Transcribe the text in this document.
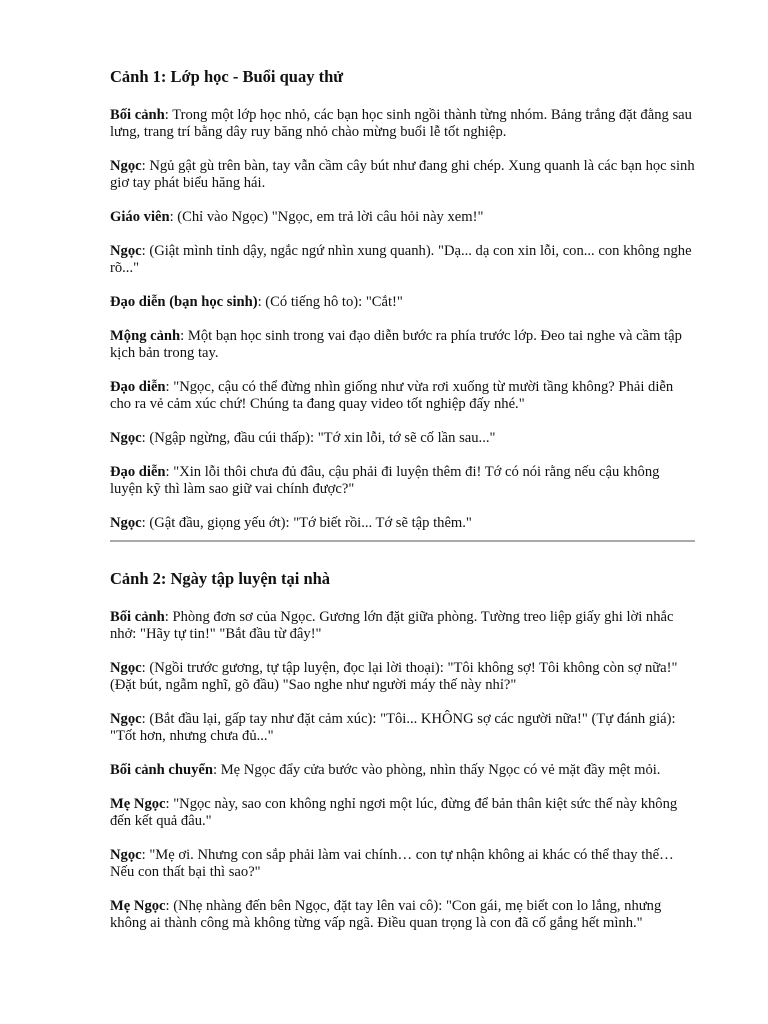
Cảnh 1: Lớp học - Buổi quay thử

Bối cảnh: Trong một lớp học nhỏ, các bạn học sinh ngồi thành từng nhóm. Bảng trắng đặt đằng sau lưng, trang trí bằng dây ruy băng nhỏ chào mừng buổi lễ tốt nghiệp.

Ngọc: Ngủ gật gù trên bàn, tay vẫn cầm cây bút như đang ghi chép. Xung quanh là các bạn học sinh giơ tay phát biểu hăng hái.

Giáo viên: (Chỉ vào Ngọc) "Ngọc, em trả lời câu hỏi này xem!"

Ngọc: (Giật mình tỉnh dậy, ngắc ngứ nhìn xung quanh). "Dạ... dạ con xin lỗi, con... con không nghe rõ..."

Đạo diễn (bạn học sinh): (Có tiếng hô to): "Cắt!"

Mộng cảnh: Một bạn học sinh trong vai đạo diễn bước ra phía trước lớp. Đeo tai nghe và cầm tập kịch bản trong tay.

Đạo diễn: "Ngọc, cậu có thể đừng nhìn giống như vừa rơi xuống từ mười tầng không? Phải diễn cho ra vẻ cảm xúc chứ! Chúng ta đang quay video tốt nghiệp đấy nhé."

Ngọc: (Ngập ngừng, đầu cúi thấp): "Tớ xin lỗi, tớ sẽ cố lần sau..."

Đạo diễn: "Xin lỗi thôi chưa đủ đâu, cậu phải đi luyện thêm đi! Tớ có nói rằng nếu cậu không luyện kỹ thì làm sao giữ vai chính được?"

Ngọc: (Gật đầu, giọng yếu ớt): "Tớ biết rồi... Tớ sẽ tập thêm."

Cảnh 2: Ngày tập luyện tại nhà

Bối cảnh: Phòng đơn sơ của Ngọc. Gương lớn đặt giữa phòng. Tường treo liệp giấy ghi lời nhắc nhở: "Hãy tự tin!" "Bắt đầu từ đây!"

Ngọc: (Ngồi trước gương, tự tập luyện, đọc lại lời thoại): "Tôi không sợ! Tôi không còn sợ nữa!" (Đặt bút, ngẫm nghĩ, gõ đầu) "Sao nghe như người máy thế này nhỉ?"

Ngọc: (Bắt đầu lại, gấp tay như đặt cảm xúc): "Tôi... KHÔNG sợ các người nữa!" (Tự đánh giá): "Tốt hơn, nhưng chưa đủ..."

Bối cảnh chuyển: Mẹ Ngọc đẩy cửa bước vào phòng, nhìn thấy Ngọc có vẻ mặt đầy mệt mỏi.

Mẹ Ngọc: "Ngọc này, sao con không nghỉ ngơi một lúc, đừng để bản thân kiệt sức thế này không đến kết quả đâu."

Ngọc: "Mẹ ơi. Nhưng con sắp phải làm vai chính… con tự nhận không ai khác có thể thay thế… Nếu con thất bại thì sao?"

Mẹ Ngọc: (Nhẹ nhàng đến bên Ngọc, đặt tay lên vai cô): "Con gái, mẹ biết con lo lắng, nhưng không ai thành công mà không từng vấp ngã. Điều quan trọng là con đã cố gắng hết mình."
